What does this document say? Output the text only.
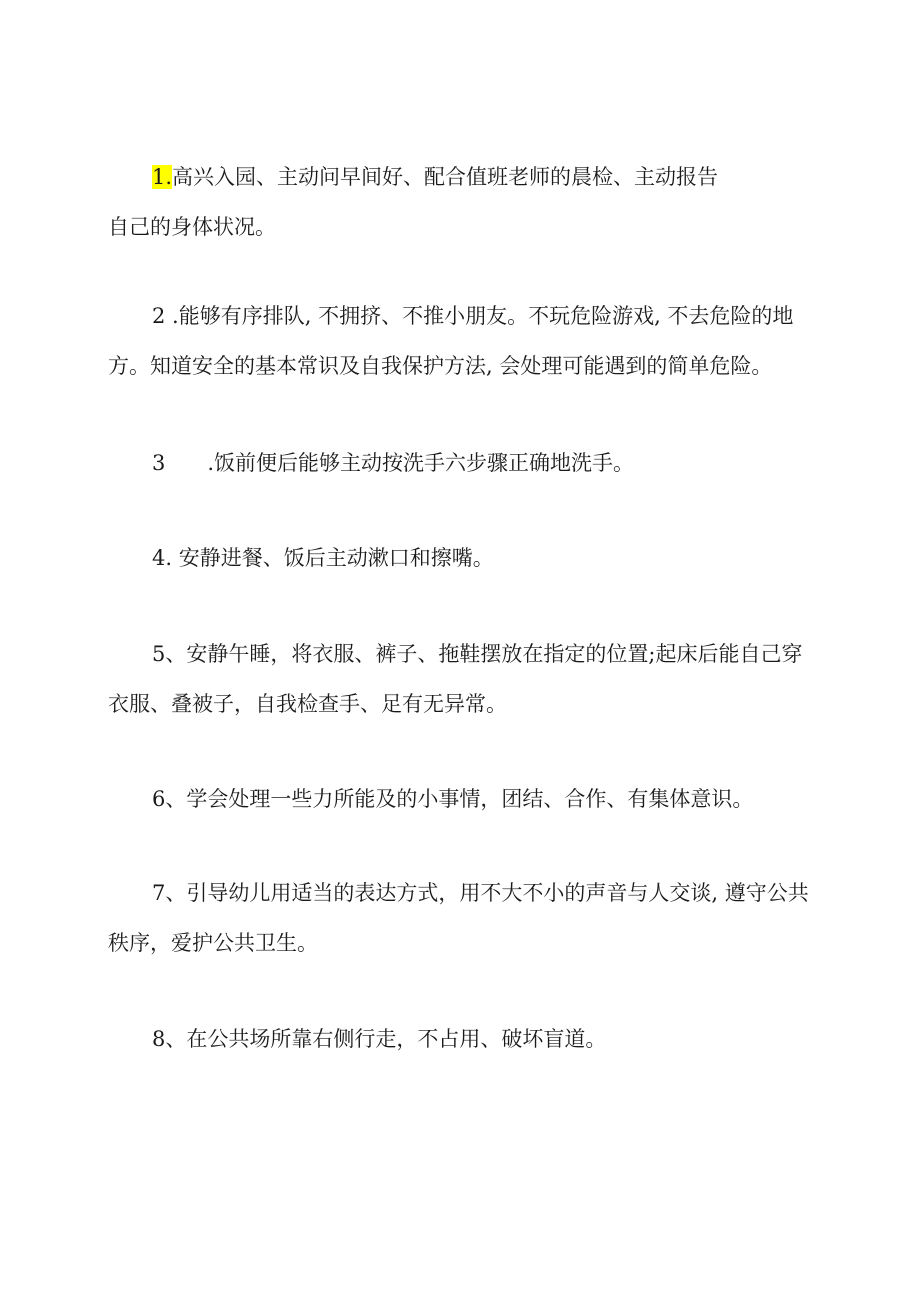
1.高兴入园、主动问早间好、配合值班老师的晨检、主动报告
自己的身体状况。

2 .能够有序排队, 不拥挤、不推小朋友。不玩危险游戏, 不去危险的地
方。知道安全的基本常识及自我保护方法, 会处理可能遇到的简单危险。

3 .饭前便后能够主动按洗手六步骤正确地洗手。

4. 安静进餐、饭后主动漱口和擦嘴。

5、安静午睡，将衣服、裤子、拖鞋摆放在指定的位置;起床后能自己穿
衣服、叠被子，自我检查手、足有无异常。

6、学会处理一些力所能及的小事情，团结、合作、有集体意识。

7、引导幼儿用适当的表达方式，用不大不小的声音与人交谈, 遵守公共
秩序，爱护公共卫生。

8、在公共场所靠右侧行走，不占用、破坏盲道。
